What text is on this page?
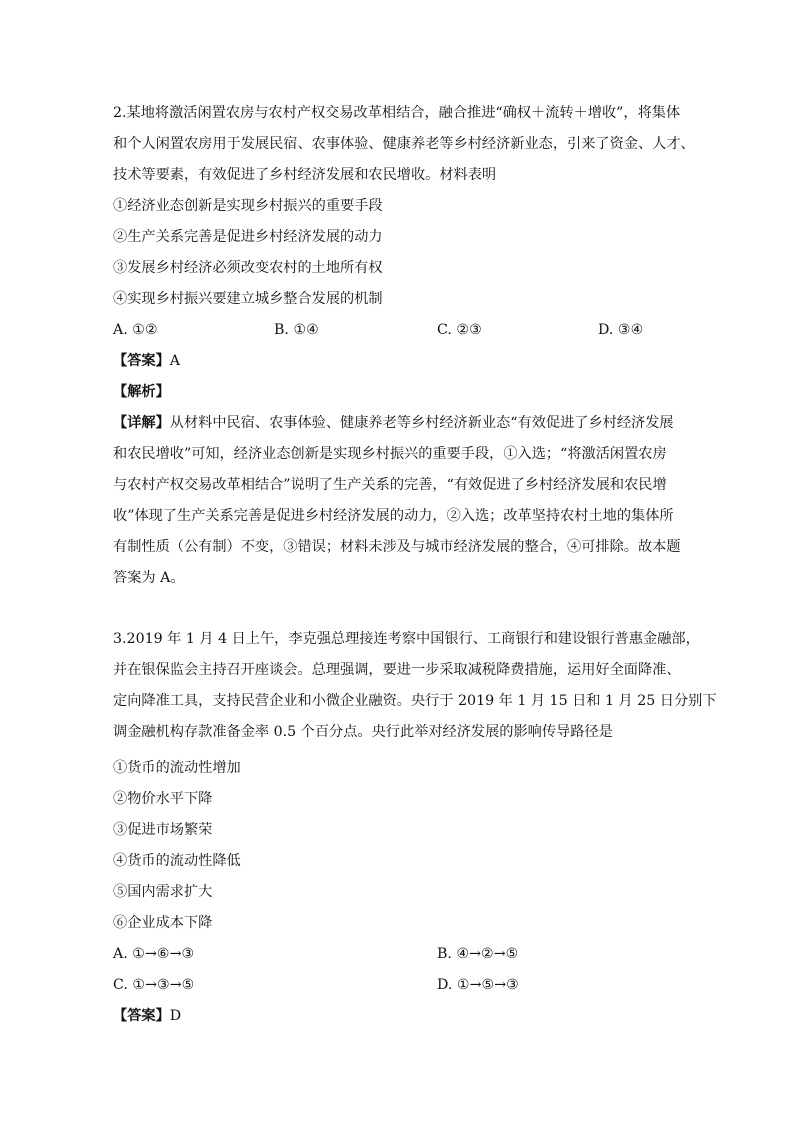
2.某地将激活闲置农房与农村产权交易改革相结合，融合推进“确权＋流转＋增收”，将集体
和个人闲置农房用于发展民宿、农事体验、健康养老等乡村经济新业态，引来了资金、人才、
技术等要素，有效促进了乡村经济发展和农民增收。材料表明
①经济业态创新是实现乡村振兴的重要手段
②生产关系完善是促进乡村经济发展的动力
③发展乡村经济必须改变农村的土地所有权
④实现乡村振兴要建立城乡整合发展的机制
A. ①②	B. ①④	C. ②③	D. ③④
【答案】A
【解析】
【详解】从材料中民宿、农事体验、健康养老等乡村经济新业态“有效促进了乡村经济发展
和农民增收”可知，经济业态创新是实现乡村振兴的重要手段，①入选；“将激活闲置农房
与农村产权交易改革相结合”说明了生产关系的完善，“有效促进了乡村经济发展和农民增
收”体现了生产关系完善是促进乡村经济发展的动力，②入选；改革坚持农村土地的集体所
有制性质（公有制）不变，③错误；材料未涉及与城市经济发展的整合，④可排除。故本题
答案为 A。
3.2019 年 1 月 4 日上午，李克强总理接连考察中国银行、工商银行和建设银行普惠金融部，
并在银保监会主持召开座谈会。总理强调，要进一步采取减税降费措施，运用好全面降准、
定向降准工具，支持民营企业和小微企业融资。央行于 2019 年 1 月 15 日和 1 月 25 日分别下
调金融机构存款准备金率 0.5 个百分点。央行此举对经济发展的影响传导路径是
①货币的流动性增加
②物价水平下降
③促进市场繁荣
④货币的流动性降低
⑤国内需求扩大
⑥企业成本下降
A. ①→⑥→③	B. ④→②→⑤
C. ①→③→⑤	D. ①→⑤→③
【答案】D
